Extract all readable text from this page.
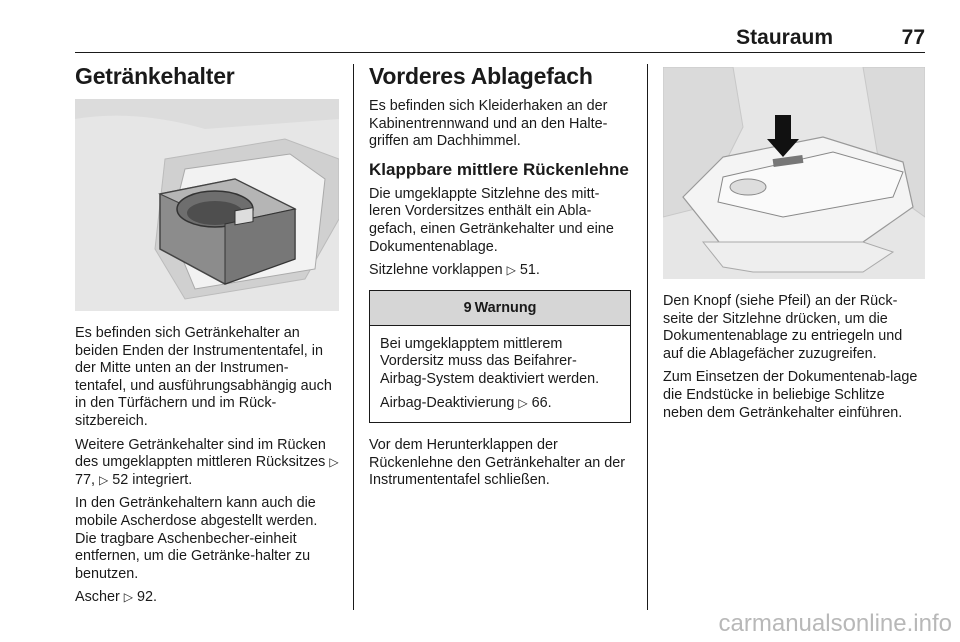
Stauraum	77
Getränkehalter

Es befinden sich Getränkehalter an beiden Enden der Instrumententafel, in der Mitte unten an der Instrumen-tentafel, und ausführungsabhängig auch in den Türfächern und im Rück-sitzbereich.

Weitere Getränkehalter sind im Rücken des umgeklappten mittleren Rücksitzes ▷ 77, ▷ 52 integriert.

In den Getränkehaltern kann auch die mobile Ascherdose abgestellt werden. Die tragbare Aschenbecher-einheit entfernen, um die Getränke-halter zu benutzen.

Ascher ▷ 92.

Vorderes Ablagefach

Es befinden sich Kleiderhaken an der Kabinentrennwand und an den Halte-griffen am Dachhimmel.

Klappbare mittlere Rückenlehne

Die umgeklappte Sitzlehne des mitt-leren Vordersitzes enthält ein Abla-gefach, einen Getränkehalter und eine Dokumentenablage.

Sitzlehne vorklappen ▷ 51.

9 Warnung

Bei umgeklapptem mittlerem Vordersitz muss das Beifahrer-Airbag-System deaktiviert werden.

Airbag-Deaktivierung ▷ 66.

Vor dem Herunterklappen der Rückenlehne den Getränkehalter an der Instrumententafel schließen.

Den Knopf (siehe Pfeil) an der Rück-seite der Sitzlehne drücken, um die Dokumentenablage zu entriegeln und auf die Ablagefächer zuzugreifen.

Zum Einsetzen der Dokumentenab-lage die Endstücke in beliebige Schlitze neben dem Getränkehalter einführen.

carmanualsonline.info
